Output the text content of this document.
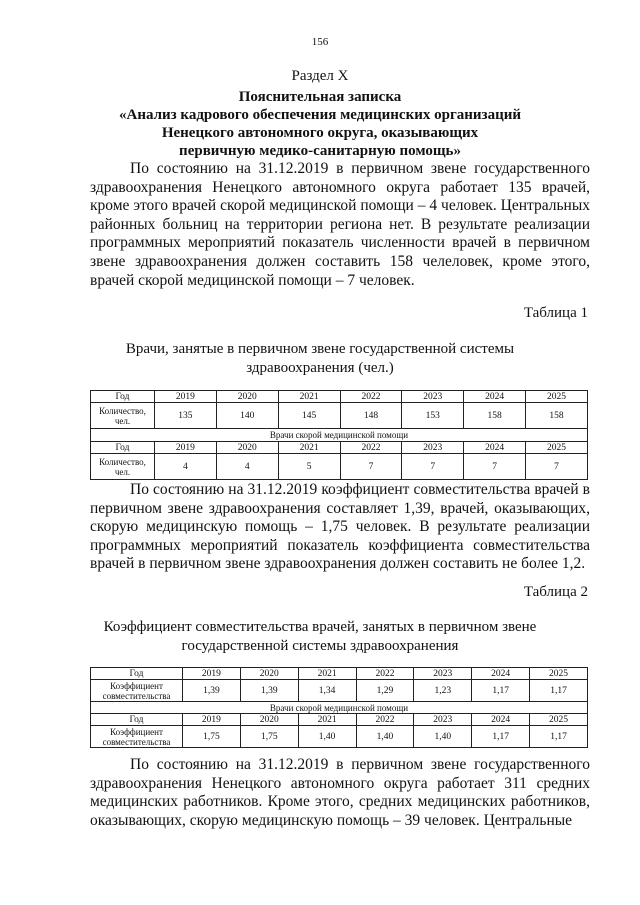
156
Раздел X
Пояснительная записка
«Анализ кадрового обеспечения медицинских организаций
Ненецкого автономного округа, оказывающих
первичную медико-санитарную помощь»

По состоянию на 31.12.2019 в первичном звене государственного здравоохранения Ненецкого автономного округа работает 135 врачей, кроме этого врачей скорой медицинской помощи – 4 человек. Центральных районных больниц на территории региона нет. В результате реализации программных мероприятий показатель численности врачей в первичном звене здравоохранения должен составить 158 челеловек, кроме этого, врачей скорой медицинской помощи – 7 человек.

Таблица 1
Врачи, занятые в первичном звене государственной системы
здравоохранения (чел.)
Год	2019	2020	2021	2022	2023	2024	2025
Количество, чел.	135	140	145	148	153	158	158
Врачи скорой медицинской помощи							
Год	2019	2020	2021	2022	2023	2024	2025
Количество, чел.	4	4	5	7	7	7	7

По состоянию на 31.12.2019 коэффициент совместительства врачей в первичном звене здравоохранения составляет 1,39, врачей, оказывающих, скорую медицинскую помощь – 1,75 человек. В результате реализации программных мероприятий показатель коэффициента совместительства врачей в первичном звене здравоохранения должен составить не более 1,2.

Таблица 2
Коэффициент совместительства врачей, занятых в первичном звене
государственной системы здравоохранения
Год	2019	2020	2021	2022	2023	2024	2025
Коэффициент совместительства	1,39	1,39	1,34	1,29	1,23	1,17	1,17
Врачи скорой медицинской помощи							
Год	2019	2020	2021	2022	2023	2024	2025
Коэффициент совместительства	1,75	1,75	1,40	1,40	1,40	1,17	1,17

По состоянию на 31.12.2019 в первичном звене государственного здравоохранения Ненецкого автономного округа работает 311 средних медицинских работников. Кроме этого, средних медицинских работников, оказывающих, скорую медицинскую помощь – 39 человек. Центральные
